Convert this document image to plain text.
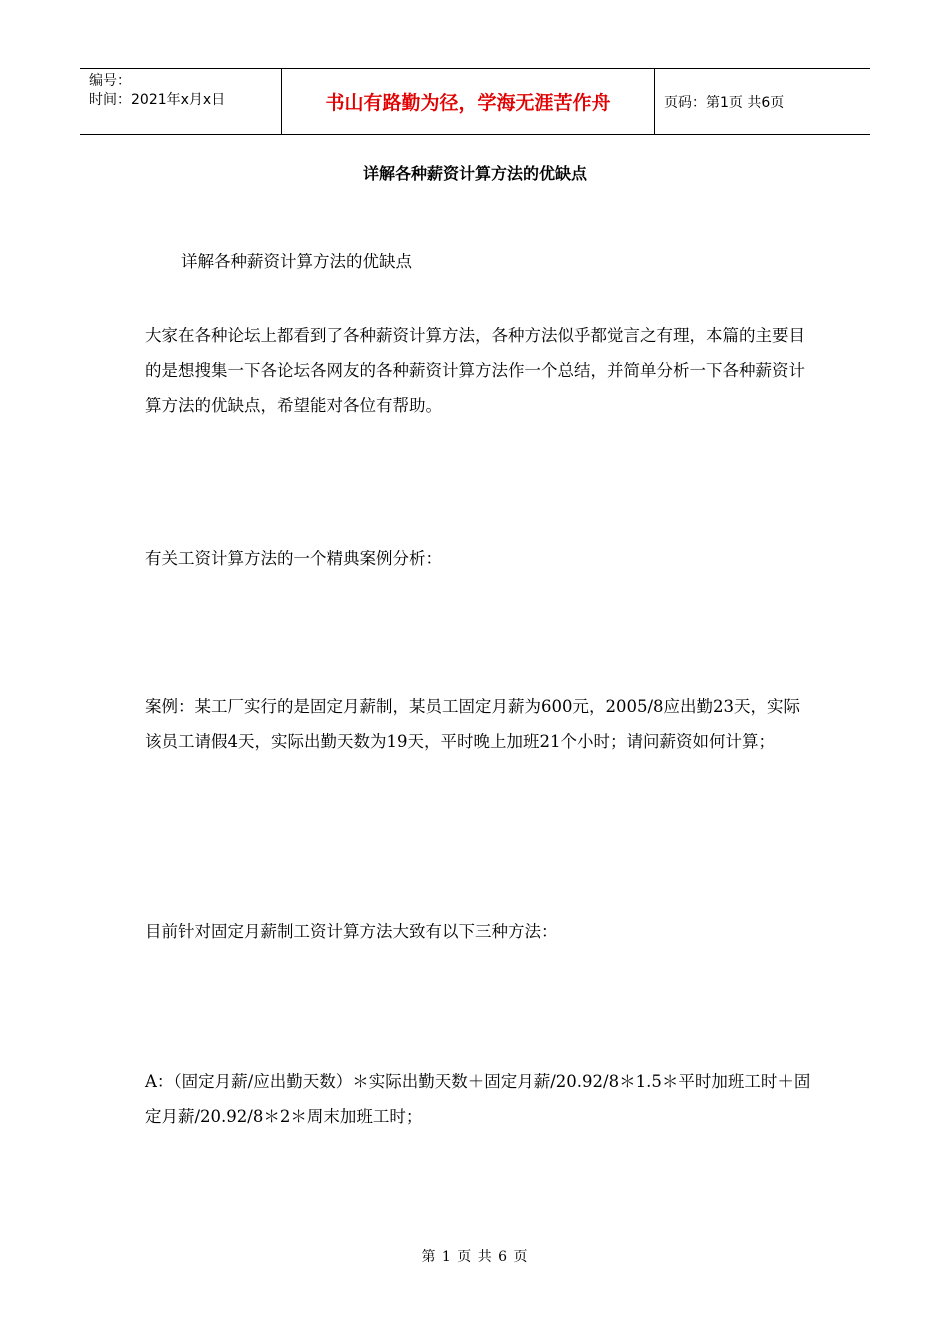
编号：
时间：2021年x月x日	书山有路勤为径，学海无涯苦作舟	页码：第1页 共6页
详解各种薪资计算方法的优缺点

详解各种薪资计算方法的优缺点

大家在各种论坛上都看到了各种薪资计算方法，各种方法似乎都觉言之有理，本篇的主要目的是想搜集一下各论坛各网友的各种薪资计算方法作一个总结，并简单分析一下各种薪资计算方法的优缺点，希望能对各位有帮助。

有关工资计算方法的一个精典案例分析：

案例：某工厂实行的是固定月薪制，某员工固定月薪为600元，2005/8应出勤23天，实际该员工请假4天，实际出勤天数为19天，平时晚上加班21个小时；请问薪资如何计算；

目前针对固定月薪制工资计算方法大致有以下三种方法：

A：（固定月薪/应出勤天数）＊实际出勤天数＋固定月薪/20.92/8＊1.5＊平时加班工时＋固定月薪/20.92/8＊2＊周末加班工时；

第 1 页 共 6 页
